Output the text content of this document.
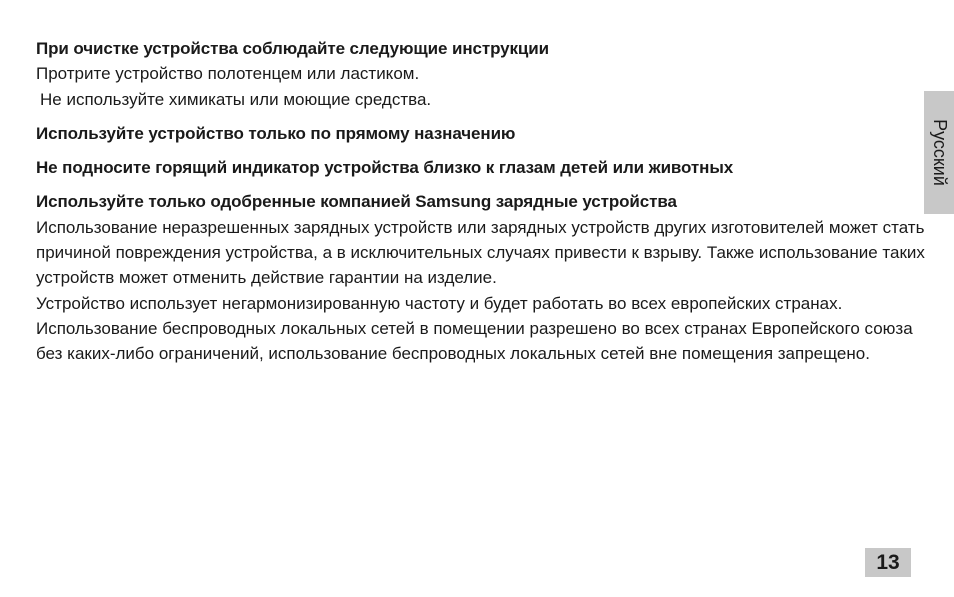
При очистке устройства соблюдайте следующие инструкции
Протрите устройство полотенцем или ластиком.
Не используйте химикаты или моющие средства.
Используйте устройство только по прямому назначению
Не подносите горящий индикатор устройства близко к глазам детей или животных
Используйте только одобренные компанией Samsung зарядные устройства
Использование неразрешенных зарядных устройств или зарядных устройств других изготовителей может стать причиной повреждения устройства, а в исключительных случаях привести к взрыву. Также использование таких устройств может отменить действие гарантии на изделие.
Устройство использует негармонизированную частоту и будет работать во всех европейских странах. Использование беспроводных локальных сетей в помещении разрешено во всех странах Европейского союза без каких-либо ограничений, использование беспроводных локальных сетей вне помещения запрещено.
Русский
13
